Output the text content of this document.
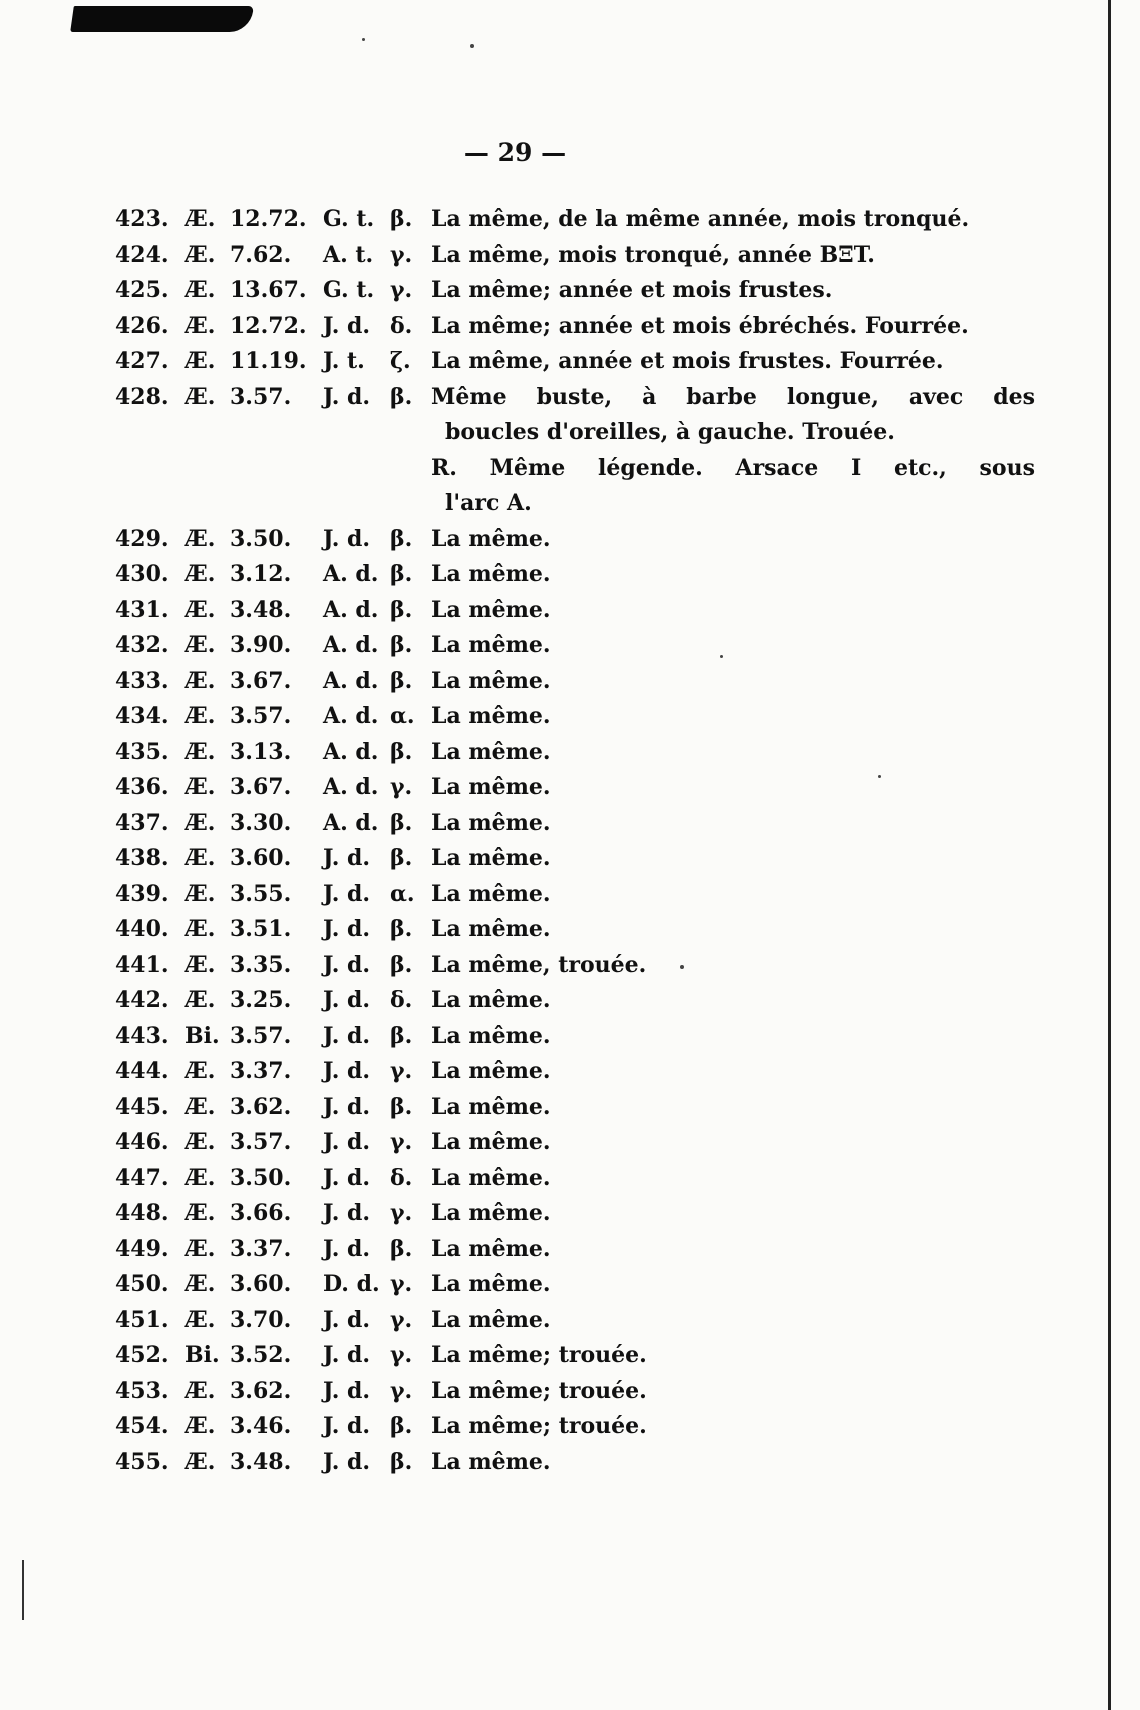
— 29 —
423. Æ. 12.72. G. t. β. La même, de la même année, mois tronqué.
424. Æ. 7.62. A. t. γ. La même, mois tronqué, année BΞT.
425. Æ. 13.67. G. t. γ. La même; année et mois frustes.
426. Æ. 12.72. J. d. δ. La même; année et mois ébréchés. Fourrée.
427. Æ. 11.19. J. t. ζ. La même, année et mois frustes. Fourrée.
428. Æ. 3.57. J. d. β. Même buste, à barbe longue, avec des
boucles d'oreilles, à gauche. Trouée.
R. Même légende. Arsace I etc., sous
l'arc A.
429. Æ. 3.50. J. d. β. La même.
430. Æ. 3.12. A. d. β. La même.
431. Æ. 3.48. A. d. β. La même.
432. Æ. 3.90. A. d. β. La même.
433. Æ. 3.67. A. d. β. La même.
434. Æ. 3.57. A. d. α. La même.
435. Æ. 3.13. A. d. β. La même.
436. Æ. 3.67. A. d. γ. La même.
437. Æ. 3.30. A. d. β. La même.
438. Æ. 3.60. J. d. β. La même.
439. Æ. 3.55. J. d. α. La même.
440. Æ. 3.51. J. d. β. La même.
441. Æ. 3.35. J. d. β. La même, trouée.
442. Æ. 3.25. J. d. δ. La même.
443. Bi. 3.57. J. d. β. La même.
444. Æ. 3.37. J. d. γ. La même.
445. Æ. 3.62. J. d. β. La même.
446. Æ. 3.57. J. d. γ. La même.
447. Æ. 3.50. J. d. δ. La même.
448. Æ. 3.66. J. d. γ. La même.
449. Æ. 3.37. J. d. β. La même.
450. Æ. 3.60. D. d. γ. La même.
451. Æ. 3.70. J. d. γ. La même.
452. Bi. 3.52. J. d. γ. La même; trouée.
453. Æ. 3.62. J. d. γ. La même; trouée.
454. Æ. 3.46. J. d. β. La même; trouée.
455. Æ. 3.48. J. d. β. La même.
